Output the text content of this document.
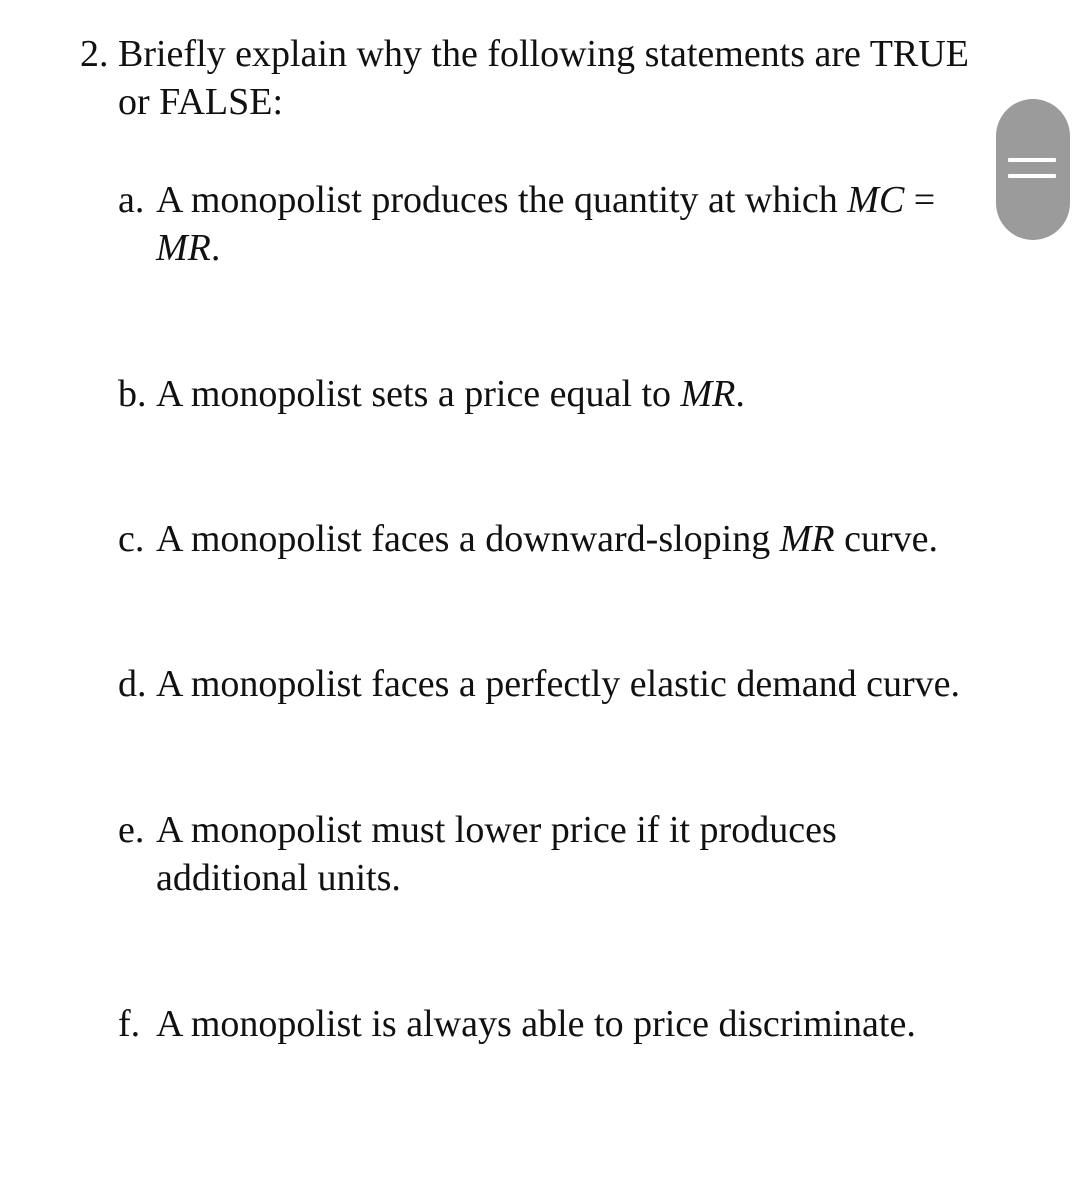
2. Briefly explain why the following statements are TRUE
or FALSE:
a. A monopolist produces the quantity at which MC =
MR.
b. A monopolist sets a price equal to MR.
c. A monopolist faces a downward-sloping MR curve.
d. A monopolist faces a perfectly elastic demand curve.
e. A monopolist must lower price if it produces
additional units.
f. A monopolist is always able to price discriminate.
